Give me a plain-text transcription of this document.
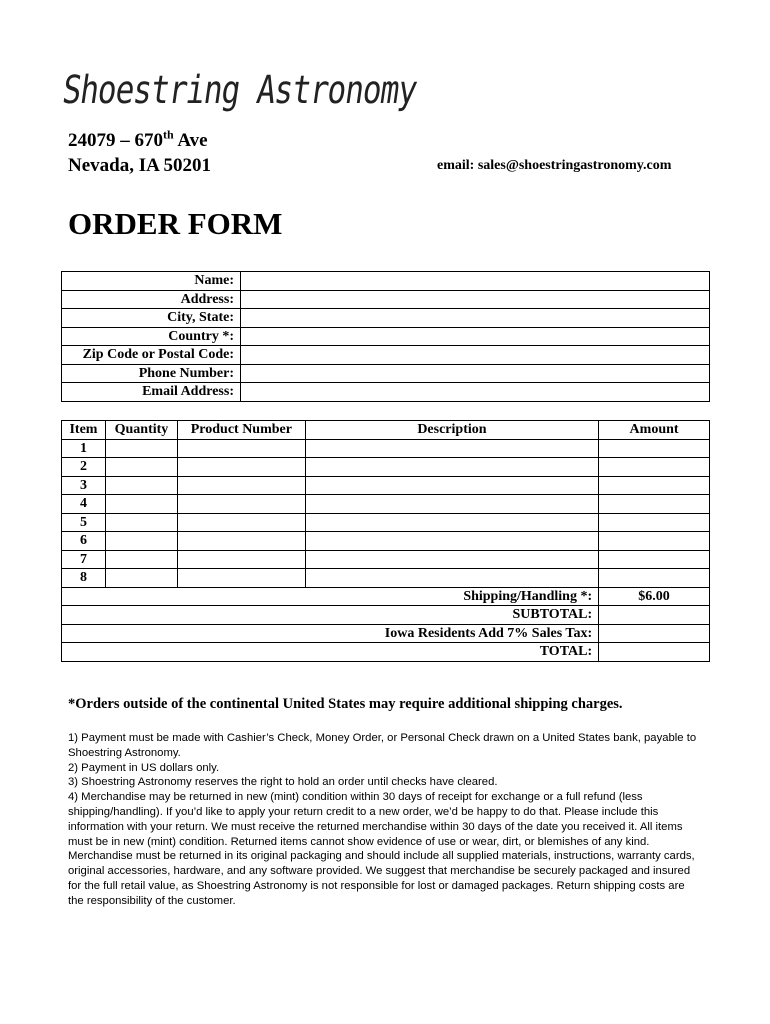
Shoestring Astronomy
24079 – 670th Ave
Nevada, IA 50201	email: sales@shoestringastronomy.com
ORDER FORM
Name:	
Address:	
City, State:	
Country *:	
Zip Code or Postal Code:	
Phone Number:	
Email Address:	
Item	Quantity	Product Number	Description	Amount
1				
2				
3				
4				
5				
6				
7				
8				
Shipping/Handling *:				$6.00
SUBTOTAL:				
Iowa Residents Add 7% Sales Tax:				
TOTAL:				
*Orders outside of the continental United States may require additional shipping charges.

1) Payment must be made with Cashier’s Check, Money Order, or Personal Check drawn on a United States bank, payable to Shoestring Astronomy.

2) Payment in US dollars only.

3) Shoestring Astronomy reserves the right to hold an order until checks have cleared.

4) Merchandise may be returned in new (mint) condition within 30 days of receipt for exchange or a full refund (less shipping/handling). If you’d like to apply your return credit to a new order, we’d be happy to do that. Please include this information with your return. We must receive the returned merchandise within 30 days of the date you received it. All items must be in new (mint) condition. Returned items cannot show evidence of use or wear, dirt, or blemishes of any kind. Merchandise must be returned in its original packaging and should include all supplied materials, instructions, warranty cards, original accessories, hardware, and any software provided. We suggest that merchandise be securely packaged and insured for the full retail value, as Shoestring Astronomy is not responsible for lost or damaged packages. Return shipping costs are the responsibility of the customer.
